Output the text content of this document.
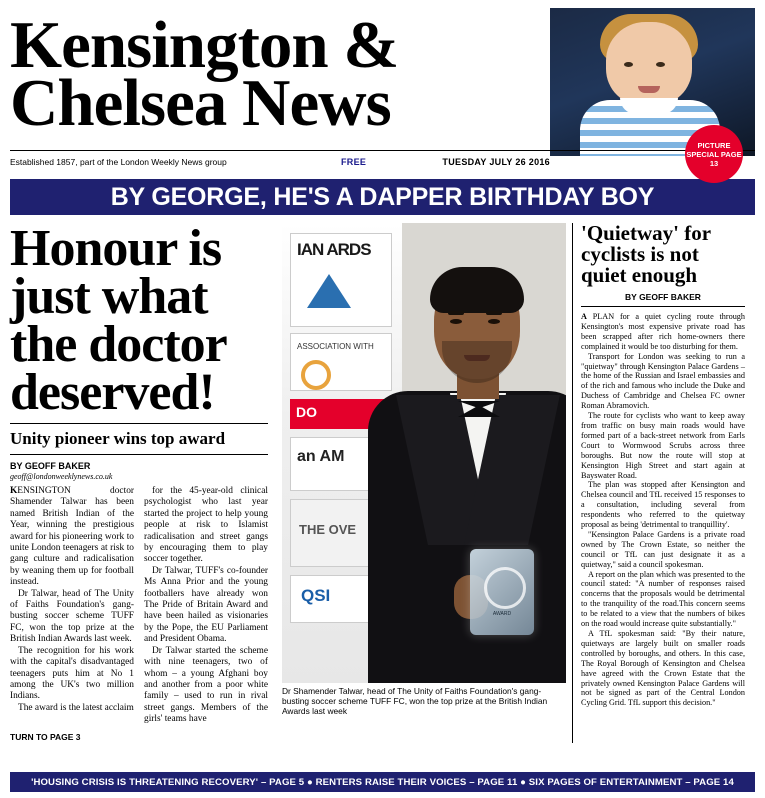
Kensington &
Chelsea News
PICTURE SPECIAL PAGE 13
Established 1857, part of the London Weekly News group	FREE	TUESDAY JULY 26 2016
BY GEORGE, HE'S A DAPPER BIRTHDAY BOY
Honour is
just what
the doctor
deserved!
Unity pioneer wins top award
BY GEOFF BAKER
geoff@londonweeklynews.co.uk

KENSINGTON doctor Shamender Talwar has been named British Indian of the Year, winning the prestigious award for his pioneering work to unite London teenagers at risk to gang culture and radicalisation by weaning them up for football instead.

Dr Talwar, head of The Unity of Faiths Foundation's gang-busting soccer scheme TUFF FC, won the top prize at the British Indian Awards last week.

The recognition for his work with the capital's disadvantaged teenagers puts him at No 1 among the UK's two million Indians.

The award is the latest acclaim

for the 45-year-old clinical psychologist who last year started the project to help young people at risk to Islamist radicalisation and street gangs by encouraging them to play soccer together.

Dr Talwar, TUFF's co-founder Ms Anna Prior and the young footballers have already won The Pride of Britain Award and have been hailed as visionaries by the Pope, the EU Parliament and President Obama.

Dr Talwar started the scheme with nine teenagers, two of whom – a young Afghani boy and another from a poor white family – used to run in rival street gangs. Members of the girls' teams have

TURN TO PAGE 3
IAN ARDS
ASSOCIATION WITH
DO
an AM
THE OVE
QSI
AWARD
Dr Shamender Talwar, head of The Unity of Faiths Foundation's gang-busting soccer scheme TUFF FC, won the top prize at the British Indian Awards last week
'Quietway' for cyclists is not quiet enough
BY GEOFF BAKER

A PLAN for a quiet cycling route through Kensington's most expensive private road has been scrapped after rich home-owners there complained it would be too disturbing for them.

Transport for London was seeking to run a "quietway" through Kensington Palace Gardens – the home of the Russian and Israel embassies and of the rich and famous who include the Duke and Duchess of Cambridge and Chelsea FC owner Roman Abramovich.

The route for cyclists who want to keep away from traffic on busy main roads would have formed part of a back-street network from Earls Court to Wormwood Scrubs across three boroughs. But now the route will stop at Kensington High Street and start again at Bayswater Road.

The plan was stopped after Kensington and Chelsea council and TfL received 15 responses to a consultation, including several from respondents who referred to the quietway proposal as being 'detrimental to tranquillity'.

"Kensington Palace Gardens is a private road owned by The Crown Estate, so neither the council or TfL can just designate it as a quietway," said a council spokesman.

A report on the plan which was presented to the council stated: "A number of responses raised concerns that the proposals would be detrimental to the tranquility of the road.This concern seems to be related to a view that the numbers of bikes on the road would increase quite substantially."

A TfL spokesman said: "By their nature, quietways are largely built on smaller roads controlled by boroughs, and others. In this case, The Royal Borough of Kensington and Chelsea have agreed with the Crown Estate that the privately owned Kensington Palace Gardens will not be signed as part of the Central London Cycling Grid. TfL support this decision."

'HOUSING CRISIS IS THREATENING RECOVERY' – PAGE 5 ● RENTERS RAISE THEIR VOICES – PAGE 11 ● SIX PAGES OF ENTERTAINMENT – PAGE 14
